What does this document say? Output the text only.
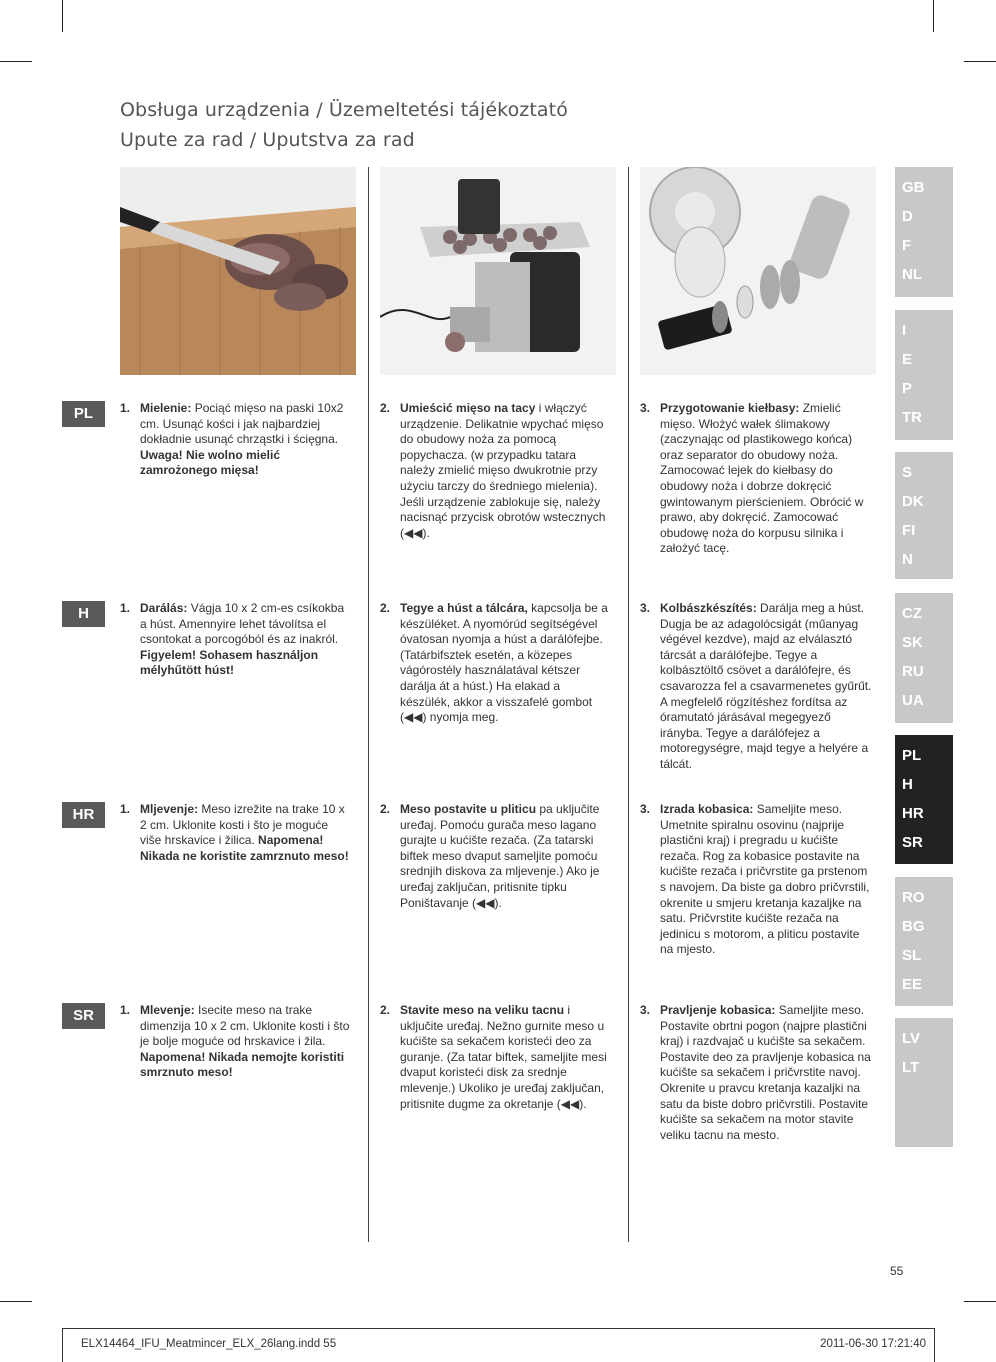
Obsługa urządzenia / Üzemeltetési tájékoztató
Upute za rad / Uputstva za rad
PL	1. Mielenie: Pociąć mięso na paski 10x2 cm. Usunąć kości i jak najbardziej dokładnie usunąć chrząstki i ścięgna. Uwaga! Nie wolno mielić zamrożonego mięsa!
2. Umieścić mięso na tacy i włączyć urządzenie. Delikatnie wpychać mięso do obudowy noża za pomocą popychacza. (w przypadku tatara należy zmielić mięso dwukrotnie przy użyciu tarczy do średniego mielenia). Jeśli urządzenie zablokuje się, należy nacisnąć przycisk obrotów wstecznych (◀◀).
3. Przygotowanie kiełbasy: Zmielić mięso. Włożyć wałek ślimakowy (zaczynając od plastikowego końca) oraz separator do obudowy noża. Zamocować lejek do kiełbasy do obudowy noża i dobrze dokręcić gwintowanym pierścieniem. Obrócić w prawo, aby dokręcić. Zamocować obudowę noża do korpusu silnika i założyć tacę.
H	1. Darálás: Vágja 10 x 2 cm-es csíkokba a húst. Amennyire lehet távolítsa el csontokat a porcogóból és az inakról. Figyelem! Sohasem használjon mélyhűtött húst!
2. Tegye a húst a tálcára, kapcsolja be a készüléket. A nyomórúd segítségével óvatosan nyomja a húst a darálófejbe. (Tatárbifsztek esetén, a közepes vágórostély használatával kétszer darálja át a húst.) Ha elakad a készülék, akkor a visszafelé gombot (◀◀) nyomja meg.
3. Kolbászkészítés: Darálja meg a húst. Dugja be az adagolócsigát (műanyag végével kezdve), majd az elválasztó tárcsát a darálófejbe. Tegye a kolbásztöltő csövet a darálófejre, és csavarozza fel a csavarmenetes gyűrűt. A megfelelő rögzítéshez fordítsa az óramutató járásával megegyező irányba. Tegye a darálófejez a motoregységre, majd tegye a helyére a tálcát.
HR	1. Mljevenje: Meso izrežite na trake 10 x 2 cm. Uklonite kosti i što je moguće više hrskavice i žilica. Napomena! Nikada ne koristite zamrznuto meso!
2. Meso postavite u pliticu pa uključite uređaj. Pomoću gurača meso lagano gurajte u kućište rezača. (Za tatarski biftek meso dvaput sameljite pomoću srednjih diskova za mljevenje.) Ako je uređaj zaključan, pritisnite tipku Poništavanje (◀◀).
3. Izrada kobasica: Sameljite meso. Umetnite spiralnu osovinu (najprije plastični kraj) i pregradu u kućište rezača. Rog za kobasice postavite na kućište rezača i pričvrstite ga prstenom s navojem. Da biste ga dobro pričvrstili, okrenite u smjeru kretanja kazaljke na satu. Pričvrstite kućište rezača na jedinicu s motorom, a pliticu postavite na mjesto.
SR	1. Mlevenje: Isecite meso na trake dimenzija 10 x 2 cm. Uklonite kosti i što je bolje moguće od hrskavice i žila. Napomena! Nikada nemojte koristiti smrznuto meso!
2. Stavite meso na veliku tacnu i uključite uređaj. Nežno gurnite meso u kućište sa sekačem koristeći deo za guranje. (Za tatar biftek, sameljite mesi dvaput koristeći disk za srednje mlevenje.) Ukoliko je uređaj zaključan, pritisnite dugme za okretanje (◀◀).
3. Pravljenje kobasica: Sameljite meso. Postavite obrtni pogon (najpre plastični kraj) i razdvajač u kućište sa sekačem. Postavite deo za pravljenje kobasica na kućište sa sekačem i pričvrstite navoj. Okrenite u pravcu kretanja kazaljki na satu da biste dobro pričvrstili. Postavite kućište sa sekačem na motor stavite veliku tacnu na mesto.
GB
D
F
NL
I
E
P
TR
S
DK
FI
N
CZ
SK
RU
UA
PL
H
HR
SR
RO
BG
SL
EE
LV
LT
55
ELX14464_IFU_Meatmincer_ELX_26lang.indd 55	2011-06-30 17:21:40
